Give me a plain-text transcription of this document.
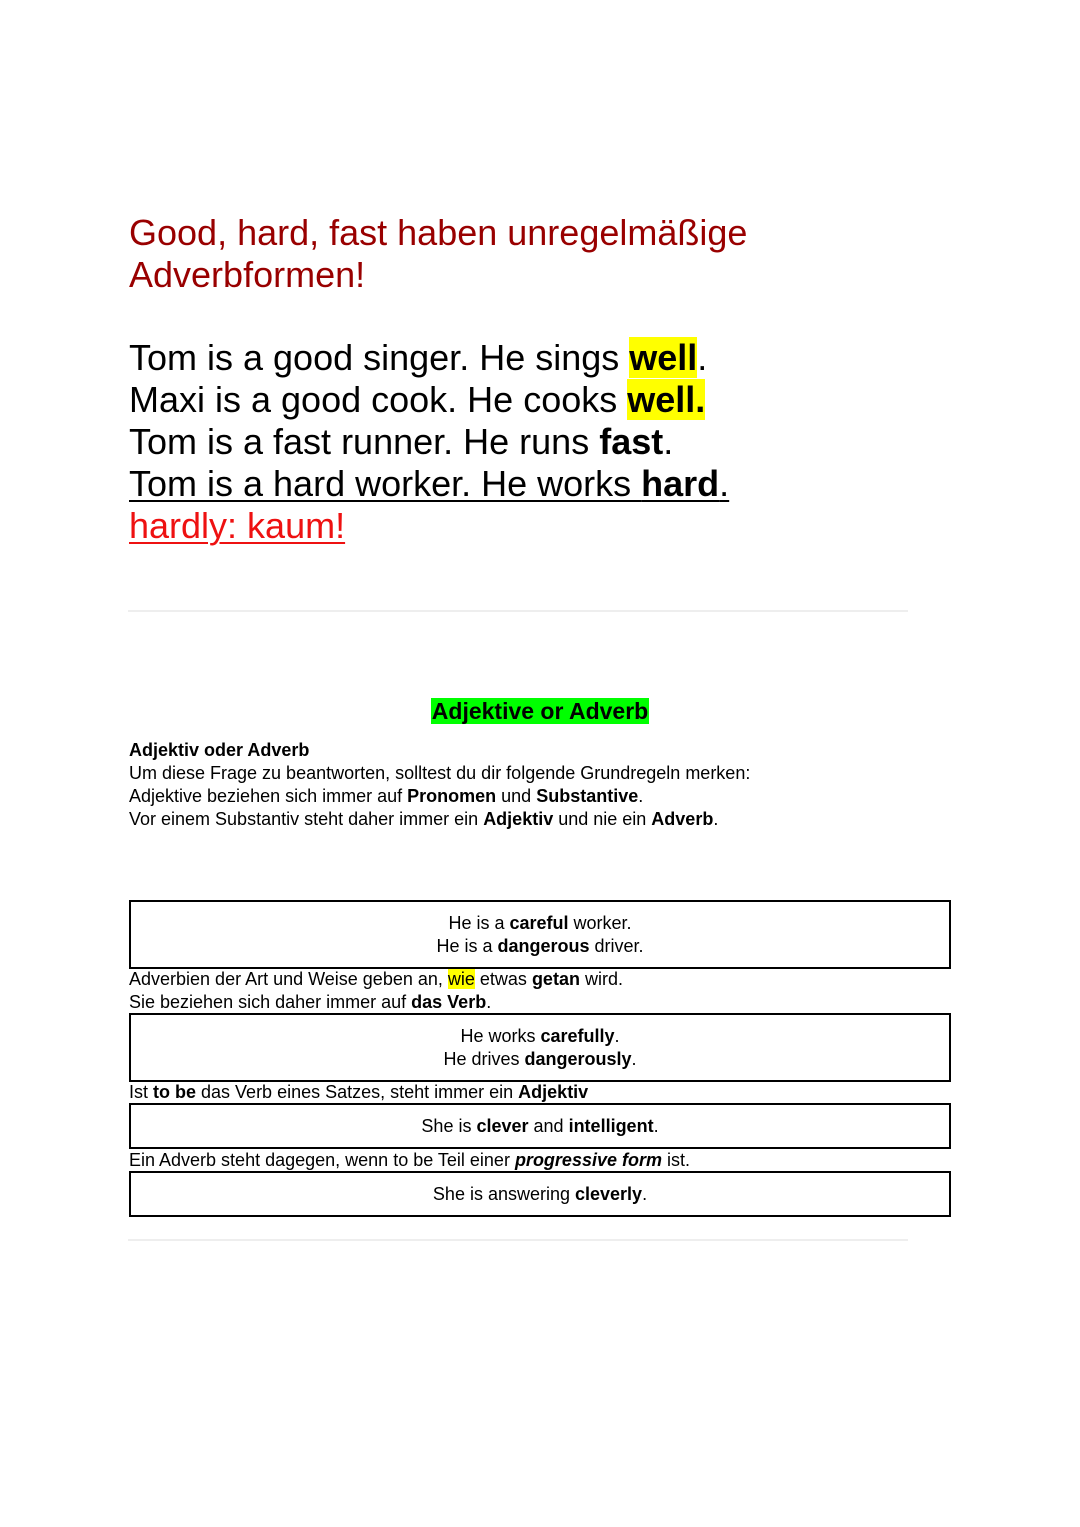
Good, hard, fast haben unregelmäßige
Adverbformen!
Tom is a good singer. He sings well.
Maxi is a good cook. He cooks well.
Tom is a fast runner. He runs fast.
Tom is a hard worker. He works hard.
hardly: kaum!
Adjektive or Adverb
Adjektiv oder Adverb
Um diese Frage zu beantworten, solltest du dir folgende Grundregeln merken:
Adjektive beziehen sich immer auf Pronomen und Substantive.
Vor einem Substantiv steht daher immer ein Adjektiv und nie ein Adverb.
He is a careful worker.
He is a dangerous driver.
Adverbien der Art und Weise geben an, wie etwas getan wird.
Sie beziehen sich daher immer auf das Verb.
He works carefully.
He drives dangerously.
Ist to be das Verb eines Satzes, steht immer ein Adjektiv
She is clever and intelligent.
Ein Adverb steht dagegen, wenn to be Teil einer progressive form ist.
She is answering cleverly.
